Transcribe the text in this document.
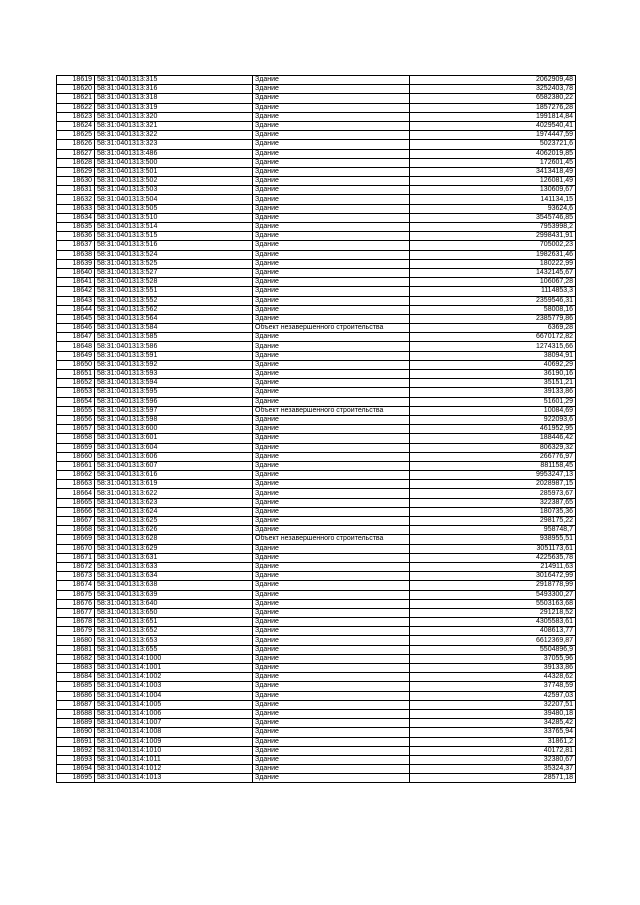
18619	58:31:0401313:315	Здание	2062909,48
18620	58:31:0401313:316	Здание	3252403,78
18621	58:31:0401313:318	Здание	6582380,22
18622	58:31:0401313:319	Здание	1857276,28
18623	58:31:0401313:320	Здание	1991814,84
18624	58:31:0401313:321	Здание	4029540,41
18625	58:31:0401313:322	Здание	1974447,59
18626	58:31:0401313:323	Здание	5023721,6
18627	58:31:0401313:486	Здание	4062019,85
18628	58:31:0401313:500	Здание	172601,45
18629	58:31:0401313:501	Здание	3413418,49
18630	58:31:0401313:502	Здание	126081,49
18631	58:31:0401313:503	Здание	130609,67
18632	58:31:0401313:504	Здание	141134,15
18633	58:31:0401313:505	Здание	93624,6
18634	58:31:0401313:510	Здание	3545746,85
18635	58:31:0401313:514	Здание	7953998,2
18636	58:31:0401313:515	Здание	2998431,91
18637	58:31:0401313:516	Здание	705002,23
18638	58:31:0401313:524	Здание	1982631,46
18639	58:31:0401313:525	Здание	180222,99
18640	58:31:0401313:527	Здание	1432145,67
18641	58:31:0401313:528	Здание	106067,28
18642	58:31:0401313:551	Здание	1114853,3
18643	58:31:0401313:552	Здание	2359546,31
18644	58:31:0401313:562	Здание	58008,16
18645	58:31:0401313:564	Здание	2385779,86
18646	58:31:0401313:584	Объект незавершенного строительства	6369,28
18647	58:31:0401313:585	Здание	6670172,82
18648	58:31:0401313:586	Здание	1274315,66
18649	58:31:0401313:591	Здание	38094,91
18650	58:31:0401313:592	Здание	40692,29
18651	58:31:0401313:593	Здание	36190,16
18652	58:31:0401313:594	Здание	35151,21
18653	58:31:0401313:595	Здание	39133,86
18654	58:31:0401313:596	Здание	51601,29
18655	58:31:0401313:597	Объект незавершенного строительства	10084,69
18656	58:31:0401313:598	Здание	922093,6
18657	58:31:0401313:600	Здание	461952,95
18658	58:31:0401313:601	Здание	188446,42
18659	58:31:0401313:604	Здание	806329,32
18660	58:31:0401313:606	Здание	266776,97
18661	58:31:0401313:607	Здание	881158,45
18662	58:31:0401313:616	Здание	9953247,13
18663	58:31:0401313:619	Здание	2028987,15
18664	58:31:0401313:622	Здание	285973,67
18665	58:31:0401313:623	Здание	322387,65
18666	58:31:0401313:624	Здание	180735,36
18667	58:31:0401313:625	Здание	298175,22
18668	58:31:0401313:626	Здание	958748,7
18669	58:31:0401313:628	Объект незавершенного строительства	938955,51
18670	58:31:0401313:629	Здание	3051173,61
18671	58:31:0401313:631	Здание	4225635,78
18672	58:31:0401313:633	Здание	214911,63
18673	58:31:0401313:634	Здание	3016472,99
18674	58:31:0401313:638	Здание	2918778,99
18675	58:31:0401313:639	Здание	5493300,27
18676	58:31:0401313:640	Здание	5503163,68
18677	58:31:0401313:650	Здание	291218,52
18678	58:31:0401313:651	Здание	4305583,61
18679	58:31:0401313:652	Здание	408613,77
18680	58:31:0401313:653	Здание	6612369,87
18681	58:31:0401313:655	Здание	5504896,9
18682	58:31:0401314:1000	Здание	37055,96
18683	58:31:0401314:1001	Здание	39133,86
18684	58:31:0401314:1002	Здание	44328,62
18685	58:31:0401314:1003	Здание	37748,59
18686	58:31:0401314:1004	Здание	42597,03
18687	58:31:0401314:1005	Здание	32207,51
18688	58:31:0401314:1006	Здание	39480,18
18689	58:31:0401314:1007	Здание	34285,42
18690	58:31:0401314:1008	Здание	33765,94
18691	58:31:0401314:1009	Здание	31861,2
18692	58:31:0401314:1010	Здание	40172,81
18693	58:31:0401314:1011	Здание	32380,67
18694	58:31:0401314:1012	Здание	35324,37
18695	58:31:0401314:1013	Здание	28571,18
